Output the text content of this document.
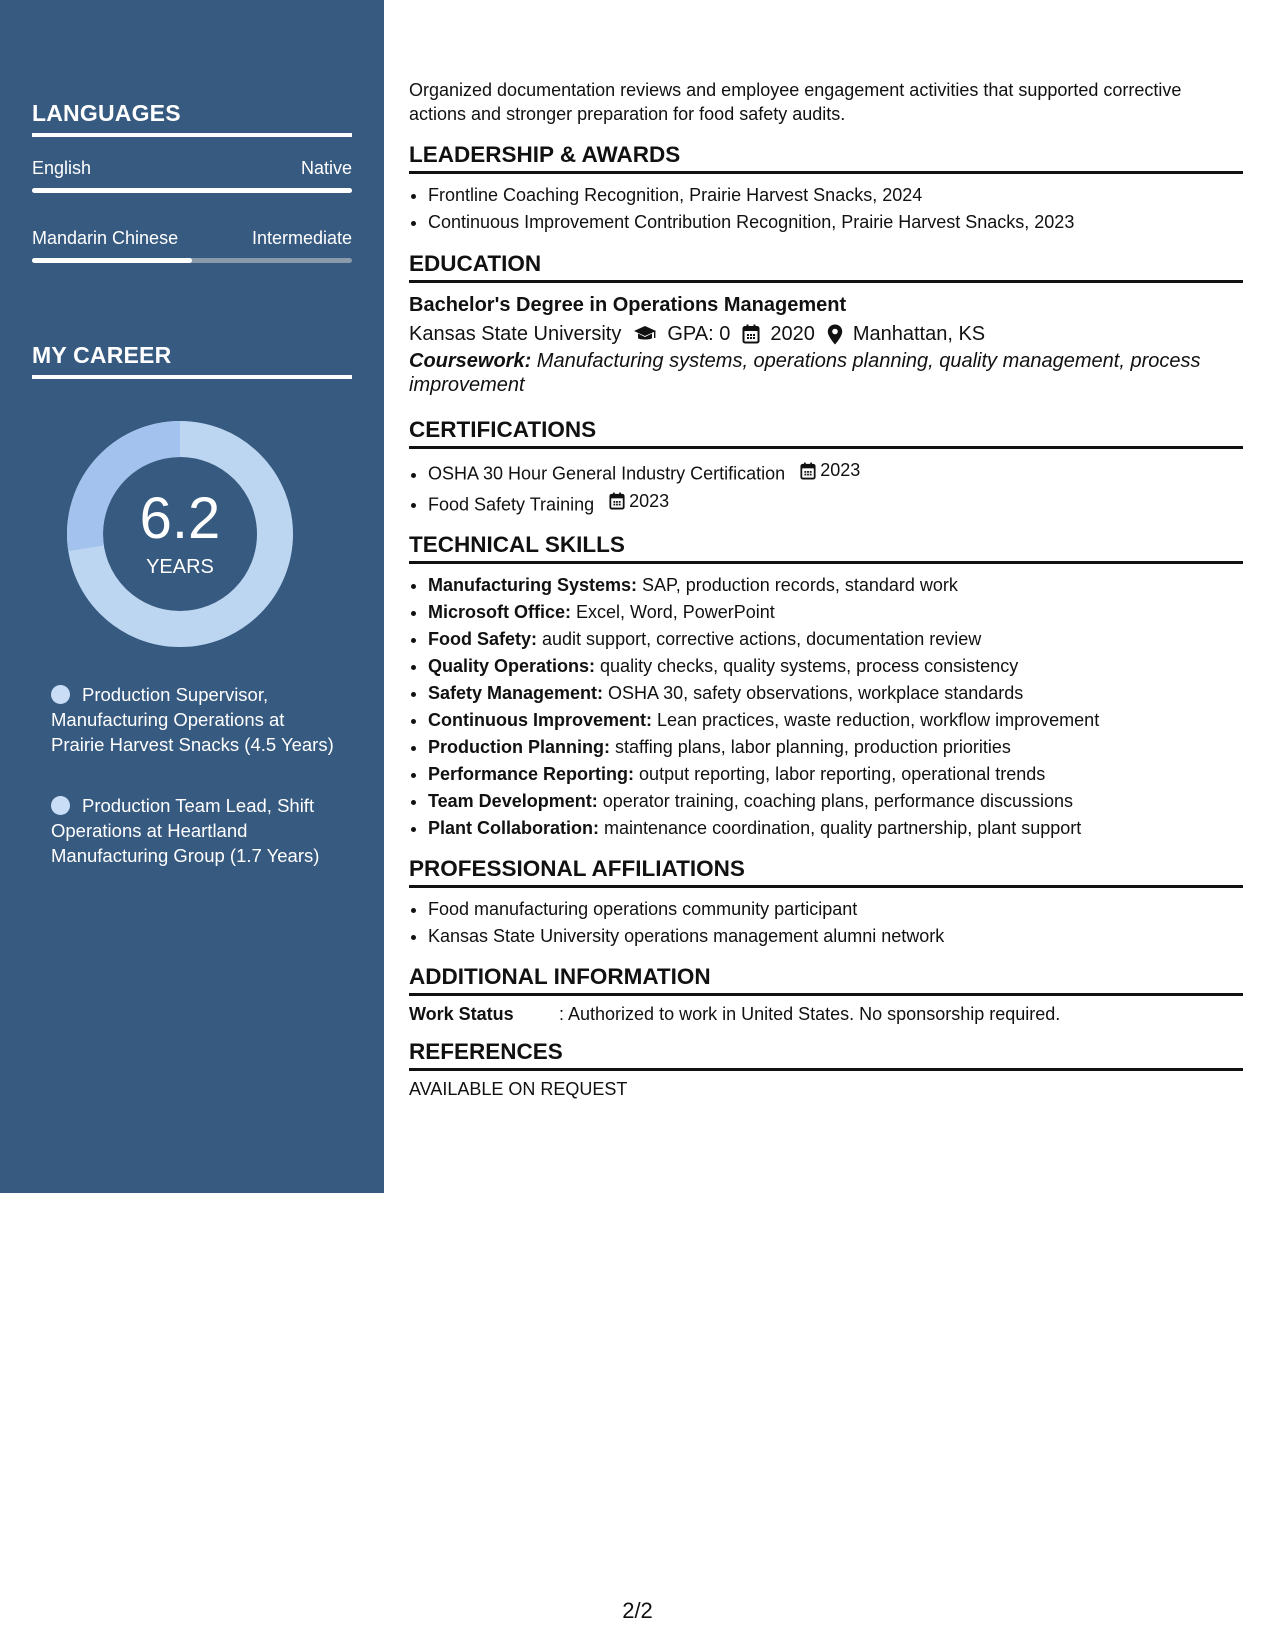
LANGUAGES
English	Native
Mandarin Chinese	Intermediate
MY CAREER
6.2
YEARS
Production Supervisor, Manufacturing Operations at Prairie Harvest Snacks (4.5 Years)
Production Team Lead, Shift Operations at Heartland Manufacturing Group (1.7 Years)

Organized documentation reviews and employee engagement activities that supported corrective actions and stronger preparation for food safety audits.

LEADERSHIP & AWARDS
• Frontline Coaching Recognition, Prairie Harvest Snacks, 2024
• Continuous Improvement Contribution Recognition, Prairie Harvest Snacks, 2023
EDUCATION
Bachelor's Degree in Operations Management
Kansas State University GPA: 0 2020 Manhattan, KS
Coursework: Manufacturing systems, operations planning, quality management, process improvement
CERTIFICATIONS
• OSHA 30 Hour General Industry Certification 2023
• Food Safety Training 2023
TECHNICAL SKILLS
• Manufacturing Systems: SAP, production records, standard work
• Microsoft Office: Excel, Word, PowerPoint
• Food Safety: audit support, corrective actions, documentation review
• Quality Operations: quality checks, quality systems, process consistency
• Safety Management: OSHA 30, safety observations, workplace standards
• Continuous Improvement: Lean practices, waste reduction, workflow improvement
• Production Planning: staffing plans, labor planning, production priorities
• Performance Reporting: output reporting, labor reporting, operational trends
• Team Development: operator training, coaching plans, performance discussions
• Plant Collaboration: maintenance coordination, quality partnership, plant support
PROFESSIONAL AFFILIATIONS
• Food manufacturing operations community participant
• Kansas State University operations management alumni network
ADDITIONAL INFORMATION
Work Status	: Authorized to work in United States. No sponsorship required.
REFERENCES
AVAILABLE ON REQUEST
2/2
